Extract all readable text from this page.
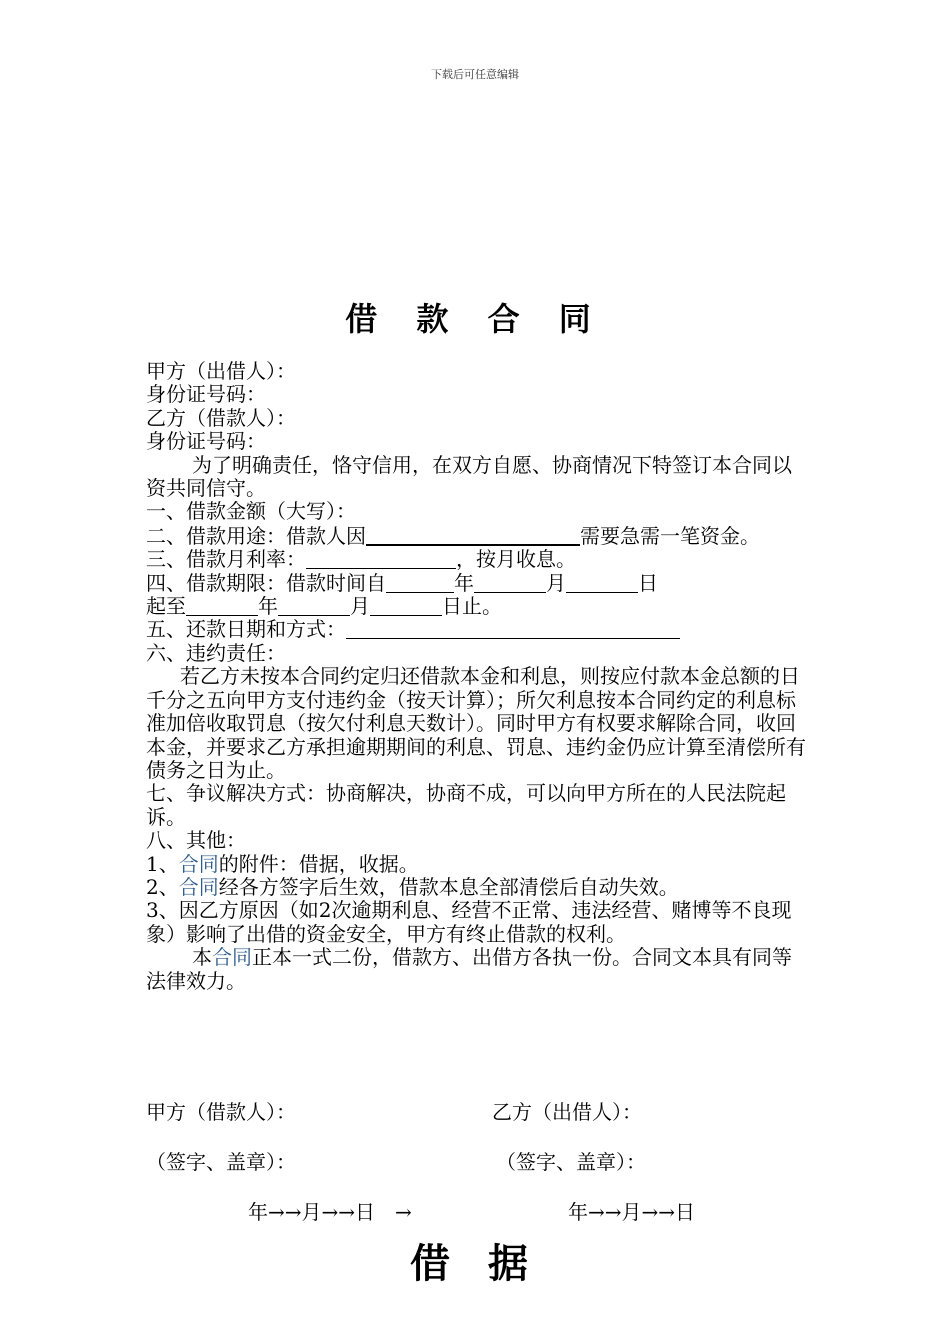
下载后可任意编辑
借 款 合 同

甲方（出借人）：

身份证号码：

乙方（借款人）：

身份证号码：

为了明确责任，恪守信用，在双方自愿、协商情况下特签订本合同以资共同信守。

一、借款金额（大写）：

二、借款用途：借款人因	需要急需一笔资金。

三、借款月利率：	，按月收息。

四、借款期限：借款时间自	年	月	日
起至	年	月	日止。

五、还款日期和方式：

六、违约责任：

若乙方未按本合同约定归还借款本金和利息，则按应付款本金总额的日千分之五向甲方支付违约金（按天计算）；所欠利息按本合同约定的利息标准加倍收取罚息（按欠付利息天数计）。同时甲方有权要求解除合同，收回本金，并要求乙方承担逾期期间的利息、罚息、违约金仍应计算至清偿所有债务之日为止。

七、争议解决方式：协商解决，协商不成，可以向甲方所在的人民法院起诉。

八、其他：

1、合同的附件：借据，收据。

2、合同经各方签字后生效，借款本息全部清偿后自动失效。

3、因乙方原因（如2次逾期利息、经营不正常、违法经营、赌博等不良现象）影响了出借的资金安全，甲方有终止借款的权利。

本合同正本一式二份，借款方、出借方各执一份。合同文本具有同等法律效力。

甲方（借款人）：	乙方（出借人）：
（签字、盖章）：	（签字、盖章）：
年→→月→→日　→	年→→月→→日
借 据
